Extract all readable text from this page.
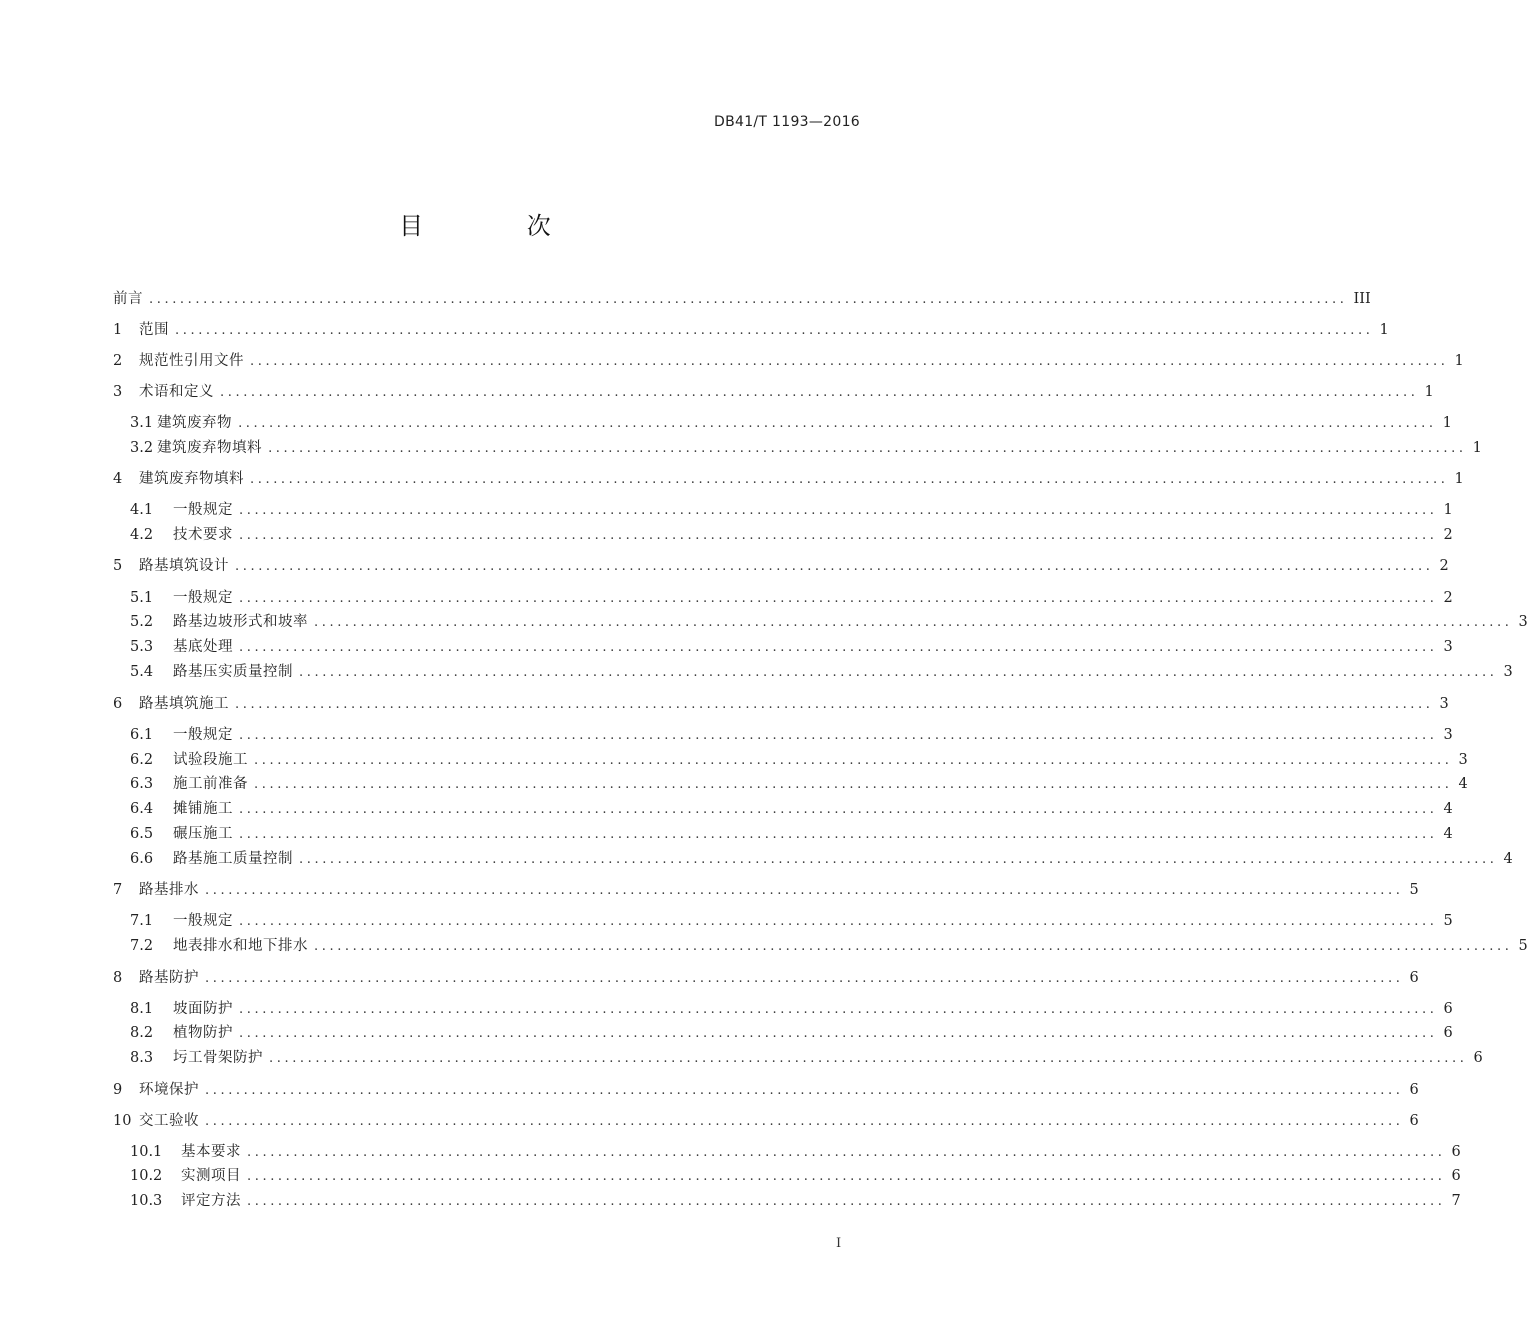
DB41/T 1193—2016
目 次
前言 ........................................................................................................................................................... III
1	范围 ........................................................................................................................................................... 1
2	规范性引用文件 ........................................................................................................................................................... 1
3	术语和定义 ........................................................................................................................................................... 1
3.1 建筑废弃物 ........................................................................................................................................................... 1
3.2 建筑废弃物填料 ........................................................................................................................................................... 1
4	建筑废弃物填料 ........................................................................................................................................................... 1
4.1	一般规定 ........................................................................................................................................................... 1
4.2	技术要求 ........................................................................................................................................................... 2
5	路基填筑设计 ........................................................................................................................................................... 2
5.1	一般规定 ........................................................................................................................................................... 2
5.2	路基边坡形式和坡率 ........................................................................................................................................................... 3
5.3	基底处理 ........................................................................................................................................................... 3
5.4	路基压实质量控制 ........................................................................................................................................................... 3
6	路基填筑施工 ........................................................................................................................................................... 3
6.1	一般规定 ........................................................................................................................................................... 3
6.2	试验段施工 ........................................................................................................................................................... 3
6.3	施工前准备 ........................................................................................................................................................... 4
6.4	摊铺施工 ........................................................................................................................................................... 4
6.5	碾压施工 ........................................................................................................................................................... 4
6.6	路基施工质量控制 ........................................................................................................................................................... 4
7	路基排水 ........................................................................................................................................................... 5
7.1	一般规定 ........................................................................................................................................................... 5
7.2	地表排水和地下排水 ........................................................................................................................................................... 5
8	路基防护 ........................................................................................................................................................... 6
8.1	坡面防护 ........................................................................................................................................................... 6
8.2	植物防护 ........................................................................................................................................................... 6
8.3	圬工骨架防护 ........................................................................................................................................................... 6
9	环境保护 ........................................................................................................................................................... 6
10 交工验收 ........................................................................................................................................................... 6
10.1	基本要求 ........................................................................................................................................................... 6
10.2	实测项目 ........................................................................................................................................................... 6
10.3	评定方法 ........................................................................................................................................................... 7
I
